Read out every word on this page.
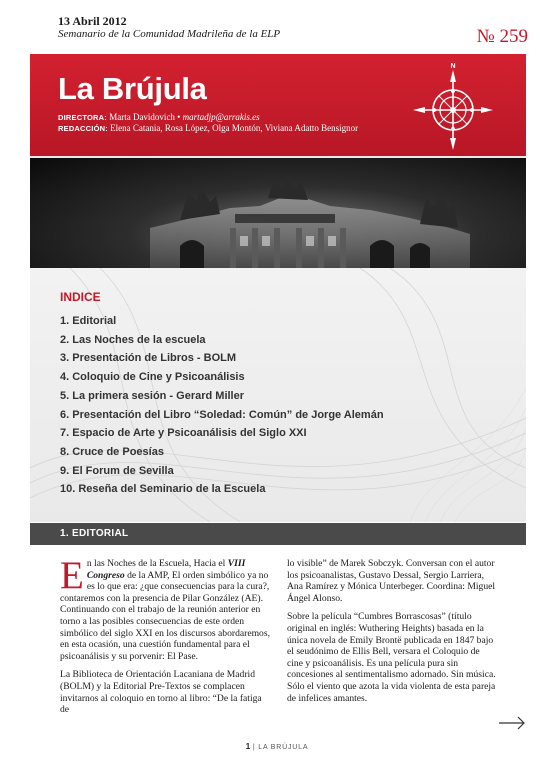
13 Abril 2012
Semanario de la Comunidad Madrileña de la ELP	№ 259
La Brújula
DIRECTORA: Marta Davidovich • martadjp@arrakis.es
REDACCIÓN: Elena Catania, Rosa López, Olga Montón, Viviana Adatto Bensignor
N
INDICE
1. Editorial
2. Las Noches de la escuela
3. Presentación de Libros - BOLM
4. Coloquio de Cine y Psicoanálisis
5. La primera sesión - Gerard Miller
6. Presentación del Libro “Soledad: Común” de Jorge Alemán
7. Espacio de Arte y Psicoanálisis del Siglo XXI
8. Cruce de Poesías
9. El Forum de Sevilla
10. Reseña del Seminario de la Escuela
1. EDITORIAL

En las Noches de la Escuela, Hacia el VIII Congreso de la AMP, El orden simbólico ya no es lo que era: ¿que consecuencias para la cura?, contaremos con la presencia de Pilar González (AE). Continuando con el trabajo de la reunión anterior en torno a las posibles consecuencias de este orden simbólico del siglo XXI en los discursos abordaremos, en esta ocasión, una cuestión fundamental para el psicoanálisis y su porvenir: El Pase.

La Biblioteca de Orientación Lacaniana de Madrid (BOLM) y la Editorial Pre-Textos se complacen invitarnos al coloquio en torno al libro: “De la fatiga de

lo visible” de Marek Sobczyk. Conversan con el autor los psicoanalistas, Gustavo Dessal, Sergio Larriera, Ana Ramírez y Mónica Unterbeger. Coordina: Miguel Ángel Alonso.

Sobre la película “Cumbres Borrascosas” (título original en inglés: Wuthering Heights) basada en la única novela de Emily Brontë publicada en 1847 bajo el seudónimo de Ellis Bell, versara el Coloquio de cine y psicoanálisis. Es una película pura sin concesiones al sentimentalismo adornado. Sin música. Sólo el viento que azota la vida violenta de esta pareja de infelices amantes.

1 | LA BRÚJULA
